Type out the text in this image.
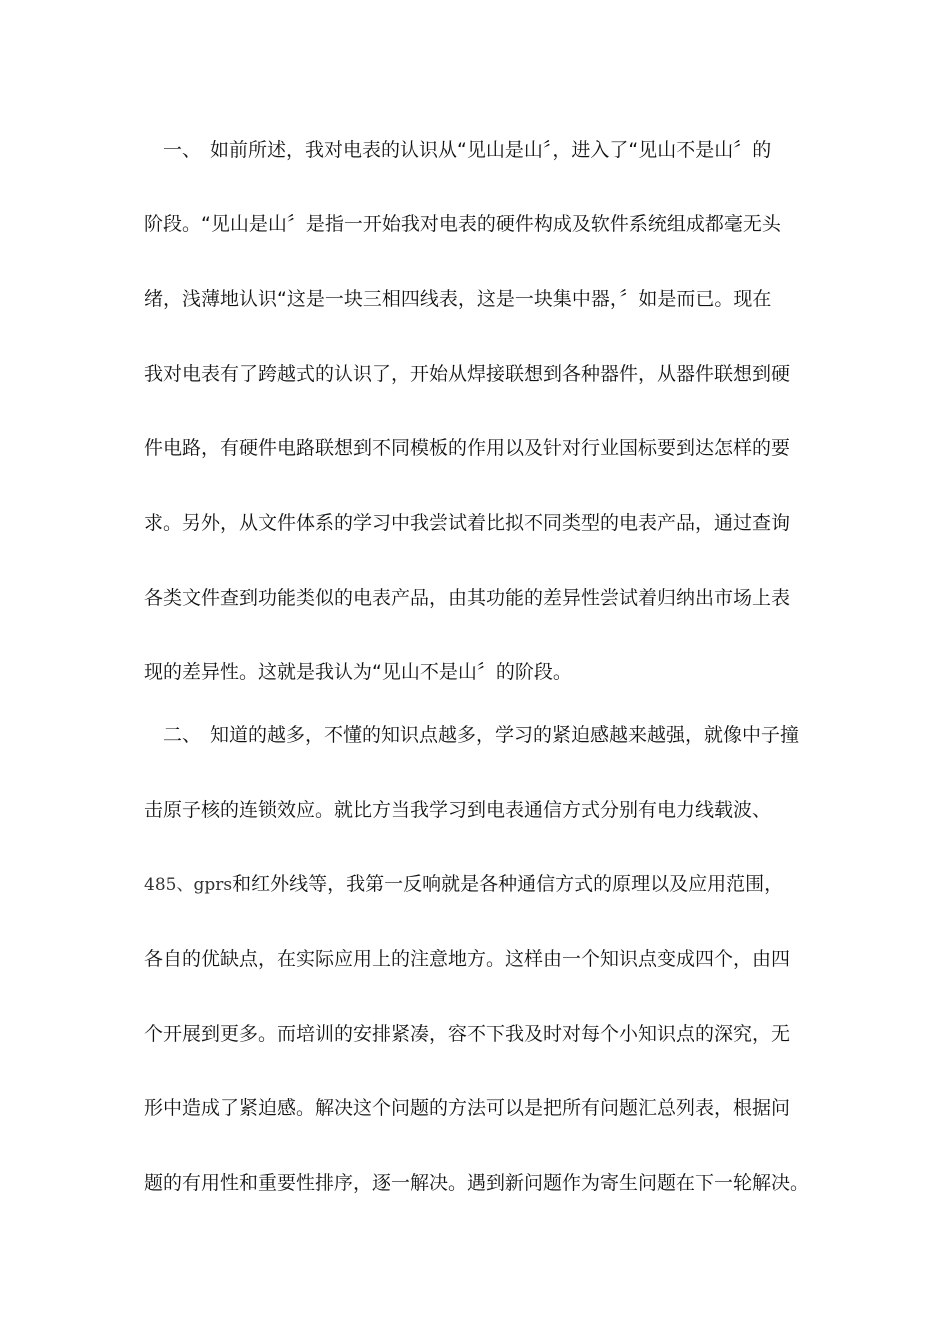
一、 如前所述，我对电表的认识从“见山是山〞，进入了“见山不是山〞的
阶段。“见山是山〞是指一开始我对电表的硬件构成及软件系统组成都毫无头
绪，浅薄地认识“这是一块三相四线表，这是一块集中器，〞如是而已。现在
我对电表有了跨越式的认识了，开始从焊接联想到各种器件，从器件联想到硬
件电路，有硬件电路联想到不同模板的作用以及针对行业国标要到达怎样的要
求。另外，从文件体系的学习中我尝试着比拟不同类型的电表产品，通过查询
各类文件查到功能类似的电表产品，由其功能的差异性尝试着归纳出市场上表
现的差异性。这就是我认为“见山不是山〞的阶段。
二、 知道的越多，不懂的知识点越多，学习的紧迫感越来越强，就像中子撞
击原子核的连锁效应。就比方当我学习到电表通信方式分别有电力线载波、
485、gprs和红外线等，我第一反响就是各种通信方式的原理以及应用范围，
各自的优缺点，在实际应用上的注意地方。这样由一个知识点变成四个，由四
个开展到更多。而培训的安排紧凑，容不下我及时对每个小知识点的深究，无
形中造成了紧迫感。解决这个问题的方法可以是把所有问题汇总列表，根据问
题的有用性和重要性排序，逐一解决。遇到新问题作为寄生问题在下一轮解决。
